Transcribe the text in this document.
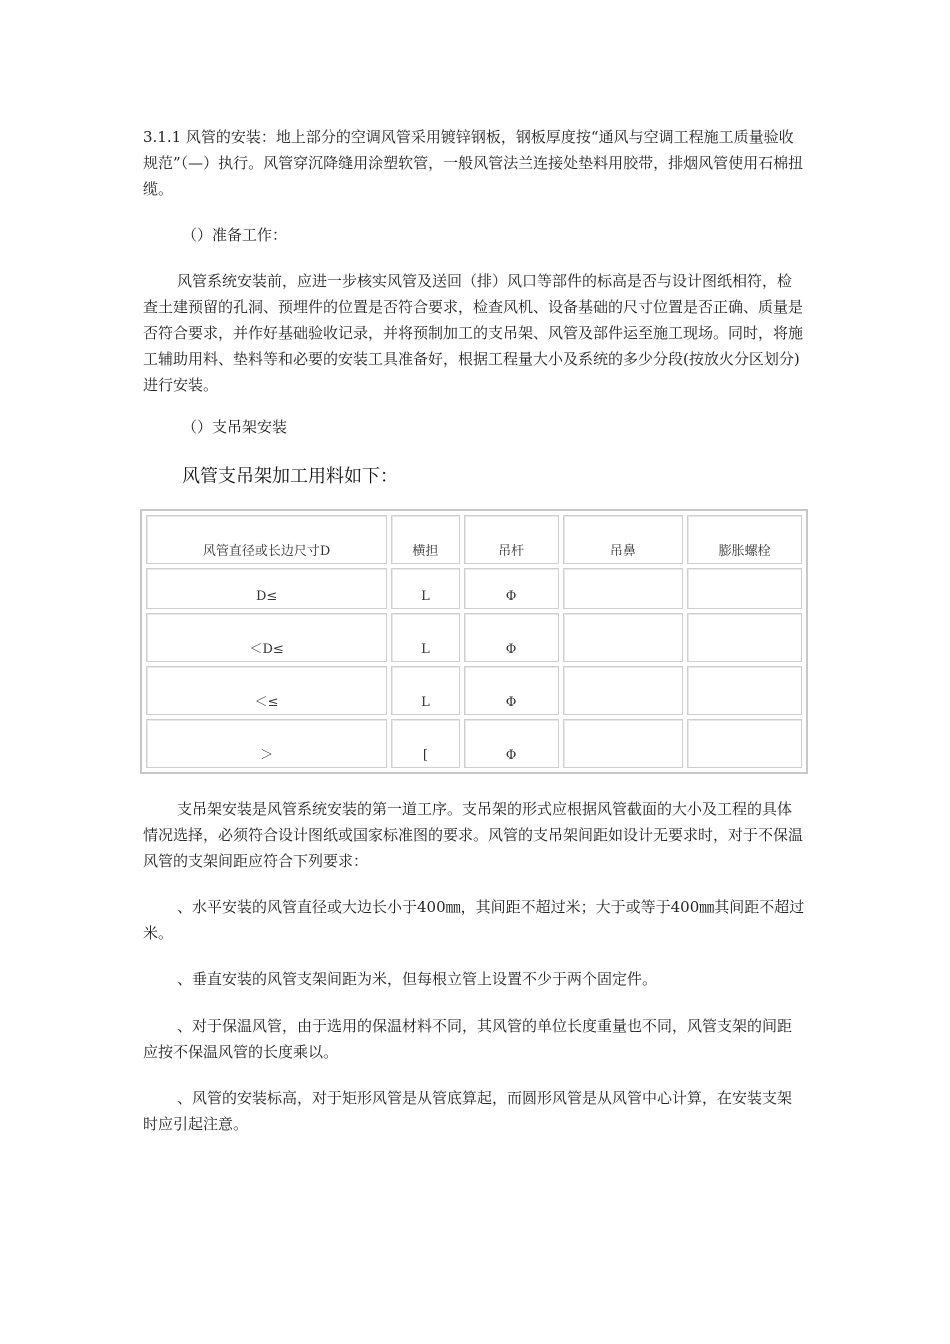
3.1.1 风管的安装：地上部分的空调风管采用镀锌钢板，钢板厚度按“通风与空调工程施工质量验收规范”（—）执行。风管穿沉降缝用涂塑软管，一般风管法兰连接处垫料用胶带，排烟风管使用石棉扭缆。

（）准备工作：

风管系统安装前，应进一步核实风管及送回（排）风口等部件的标高是否与设计图纸相符，检查土建预留的孔洞、预埋件的位置是否符合要求，检查风机、设备基础的尺寸位置是否正确、质量是否符合要求，并作好基础验收记录，并将预制加工的支吊架、风管及部件运至施工现场。同时，将施工辅助用料、垫料等和必要的安装工具准备好，根据工程量大小及系统的多少分段(按放火分区划分)进行安装。

（）支吊架安装

风管支吊架加工用料如下：

风管直径或长边尺寸D	横担	吊杆	吊鼻	膨胀螺栓
D≤	L	Φ		
＜D≤	L	Φ		
＜≤	L	Φ		
＞	[	Φ		

支吊架安装是风管系统安装的第一道工序。支吊架的形式应根据风管截面的大小及工程的具体情况选择，必须符合设计图纸或国家标准图的要求。风管的支吊架间距如设计无要求时，对于不保温风管的支架间距应符合下列要求：

、水平安装的风管直径或大边长小于400㎜，其间距不超过米；大于或等于400㎜其间距不超过米。

、垂直安装的风管支架间距为米，但每根立管上设置不少于两个固定件。

、对于保温风管，由于选用的保温材料不同，其风管的单位长度重量也不同，风管支架的间距应按不保温风管的长度乘以。

、风管的安装标高，对于矩形风管是从管底算起，而圆形风管是从风管中心计算，在安装支架时应引起注意。
